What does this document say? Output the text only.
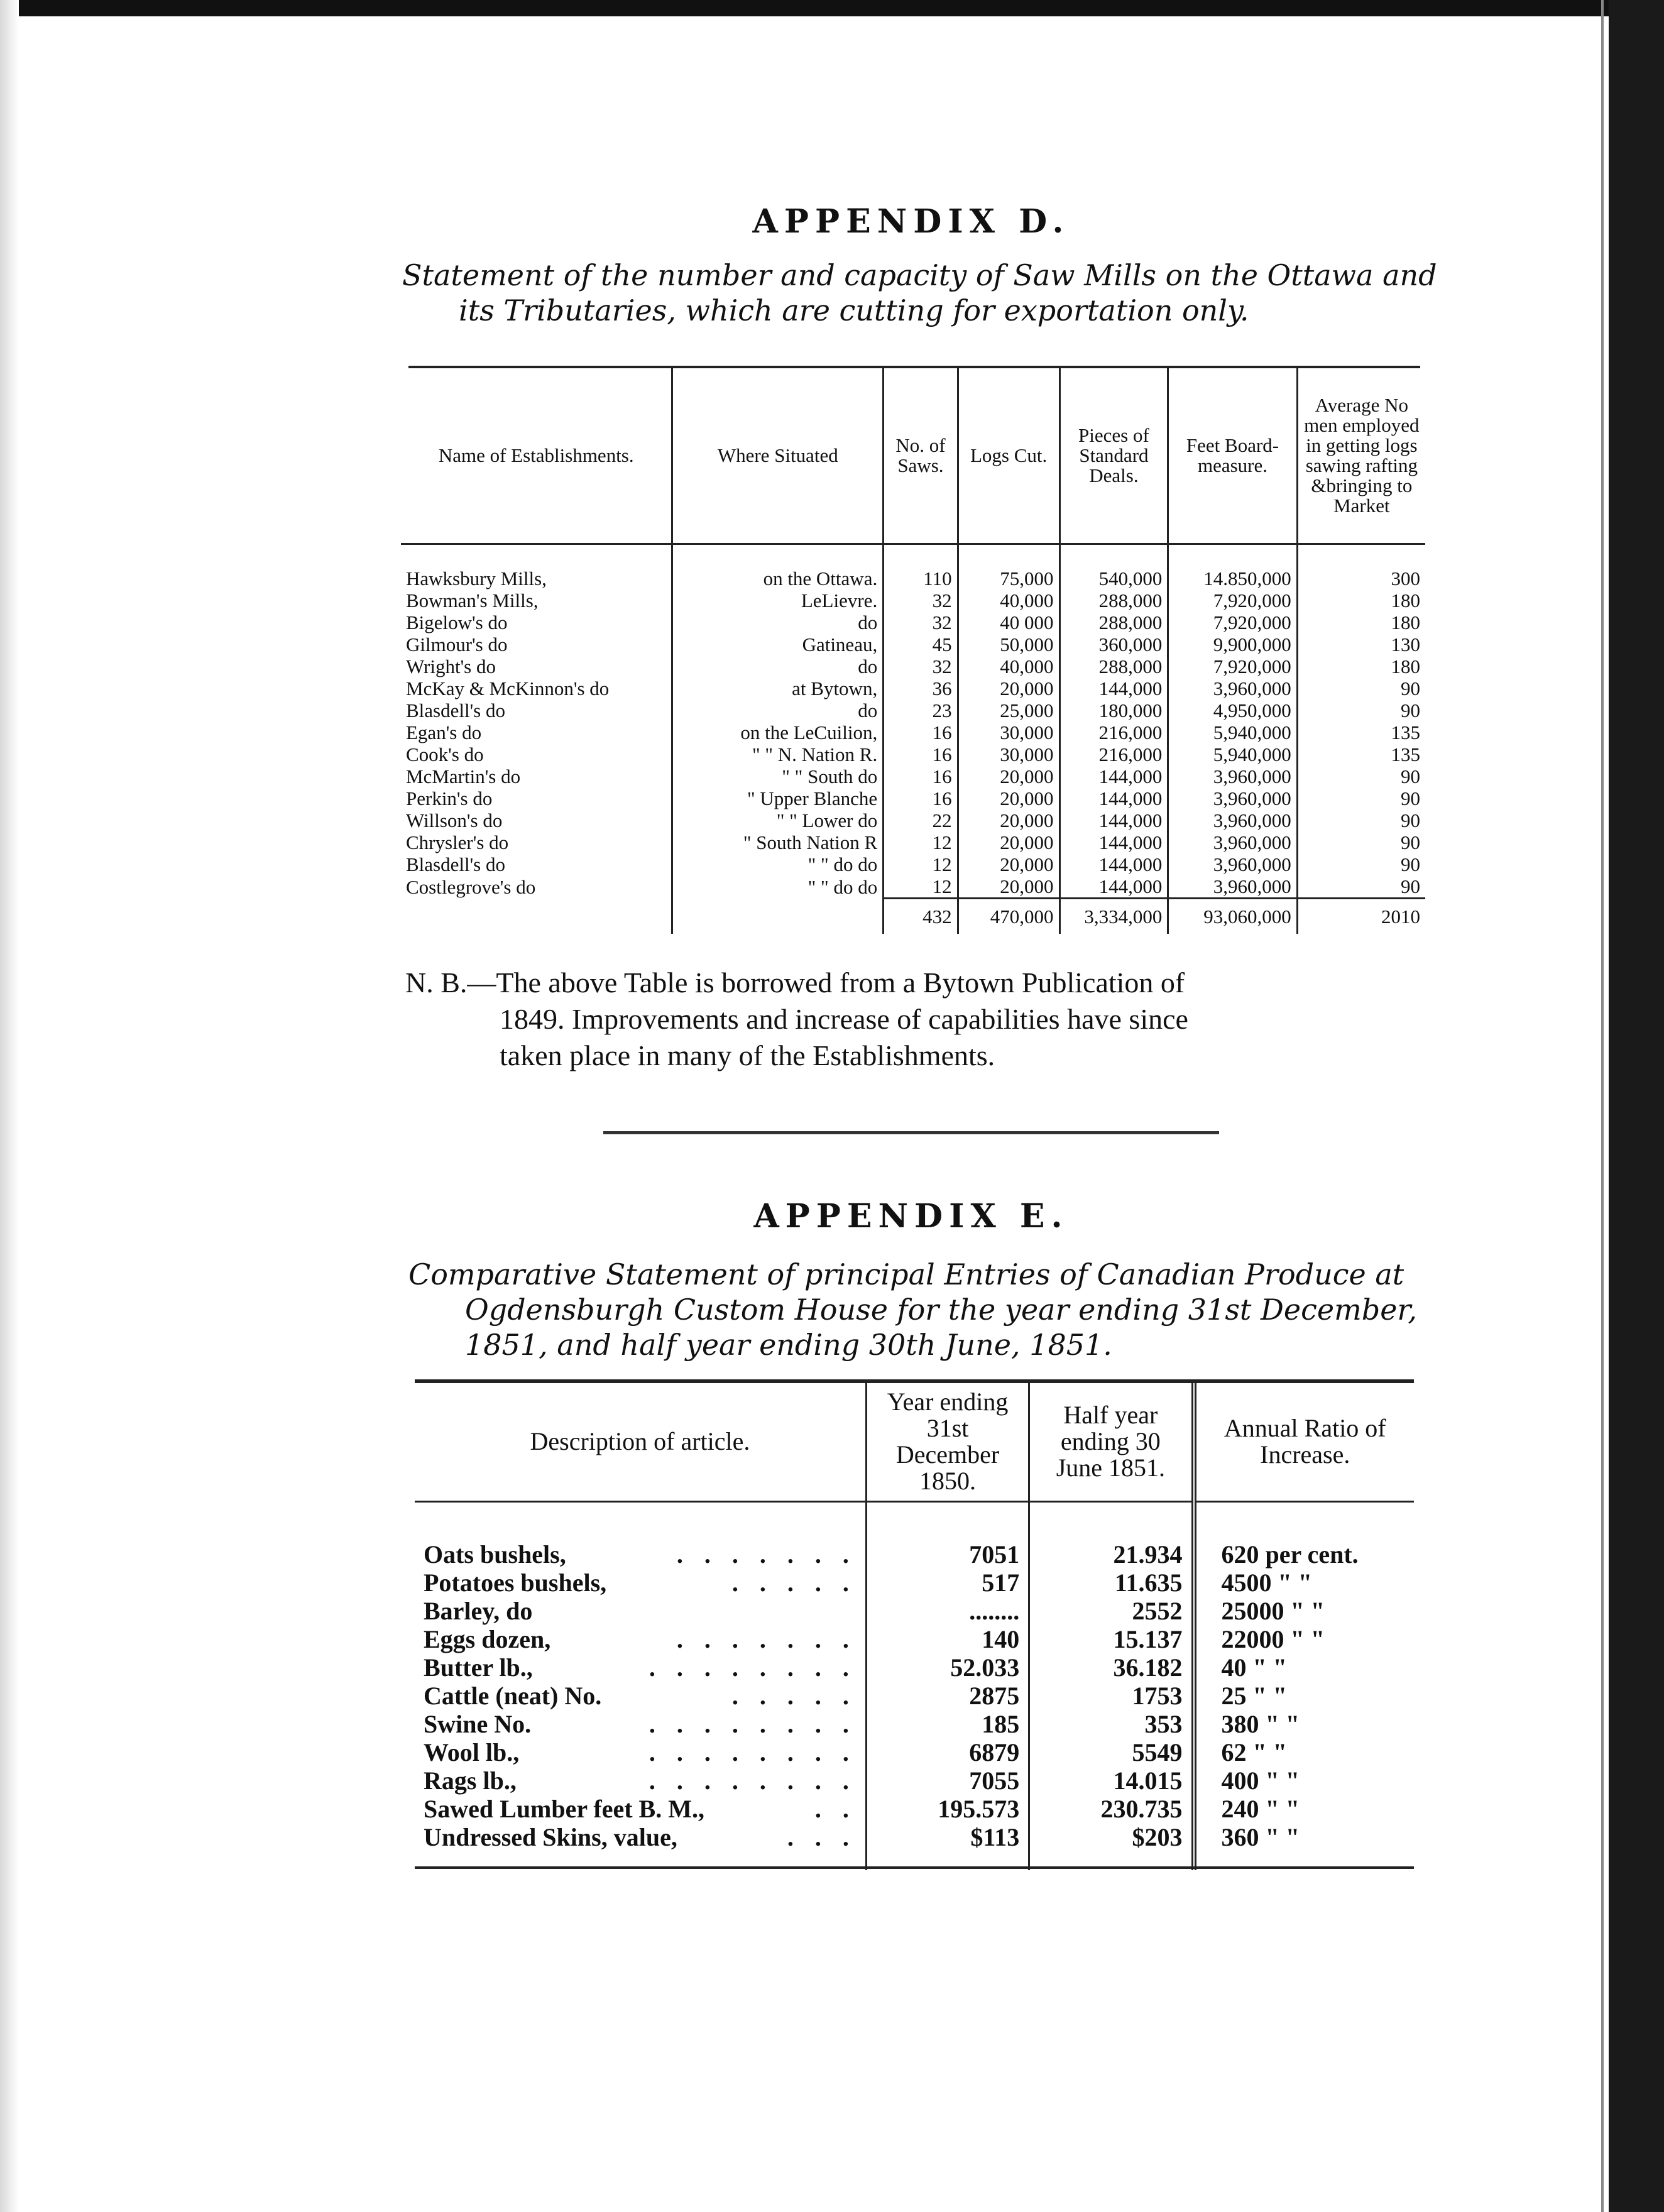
APPENDIX D.
Statement of the number and capacity of Saw Mills on the Ottawa and
its Tributaries, which are cutting for exportation only.
Name of Establishments.	Where Situated	No. of Saws.	Logs Cut.	Pieces of Standard Deals.	Feet Board-measure.	Average No men employed in getting logs sawing rafting &bringing to Market
Hawksbury Mills,	on the Ottawa.	110	75,000	540,000	14.850,000	300
Bowman's Mills,	LeLievre.	32	40,000	288,000	7,920,000	180
Bigelow's do	do	32	40 000	288,000	7,920,000	180
Gilmour's do	Gatineau,	45	50,000	360,000	9,900,000	130
Wright's do	do	32	40,000	288,000	7,920,000	180
McKay & McKinnon's do	at Bytown,	36	20,000	144,000	3,960,000	90
Blasdell's do	do	23	25,000	180,000	4,950,000	90
Egan's do	on the LeCuilion,	16	30,000	216,000	5,940,000	135
Cook's do	" " N. Nation R.	16	30,000	216,000	5,940,000	135
McMartin's do	" " South do	16	20,000	144,000	3,960,000	90
Perkin's do	" Upper Blanche	16	20,000	144,000	3,960,000	90
Willson's do	" " Lower do	22	20,000	144,000	3,960,000	90
Chrysler's do	" South Nation R	12	20,000	144,000	3,960,000	90
Blasdell's do	" " do do	12	20,000	144,000	3,960,000	90
Costlegrove's do	" " do do	12	20,000	144,000	3,960,000	90
		432	470,000	3,334,000	93,060,000	2010
N. B.—The above Table is borrowed from a Bytown Publication of
1849. Improvements and increase of capabilities have since
taken place in many of the Establishments.
APPENDIX E.
Comparative Statement of principal Entries of Canadian Produce at
Ogdensburgh Custom House for the year ending 31st December,
1851, and half year ending 30th June, 1851.
Description of article.	Year ending 31st December 1850.	Half year ending 30 June 1851.	Annual Ratio of Increase.
Oats bushels, . . . . . . .	7051	21.934	620 per cent.
Potatoes bushels, . . . . .	517	11.635	4500 " "
Barley, do	........	2552	25000 " "
Eggs dozen, . . . . . . .	140	15.137	22000 " "
Butter lb., . . . . . . . .	52.033	36.182	40 " "
Cattle (neat) No. . . . . .	2875	1753	25 " "
Swine No. . . . . . . . .	185	353	380 " "
Wool lb., . . . . . . . .	6879	5549	62 " "
Rags lb., . . . . . . . .	7055	14.015	400 " "
Sawed Lumber feet B. M., . .	195.573	230.735	240 " "
Undressed Skins, value, . . .	$113	$203	360 " "
